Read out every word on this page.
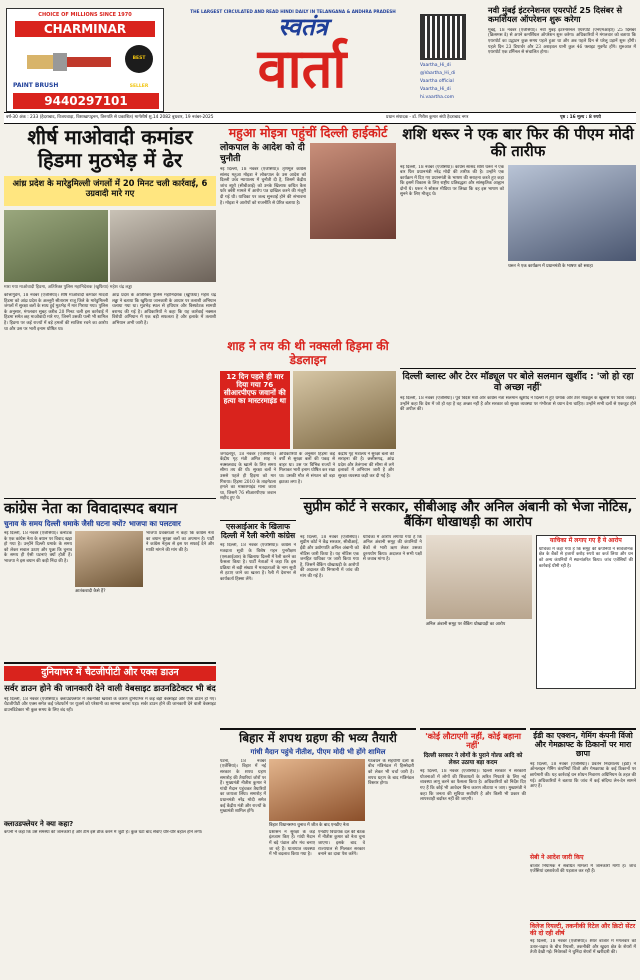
CHOICE OF MILLIONS SINCE 1970
CHARMINAR
BEST SELLER
PAINT BRUSH
9440297101
THE LARGEST CIRCULATED AND READ HINDI DAILY IN TELANGANA & ANDHRA PRADESH
स्वतंत्र
वार्ता	Vaartha_Hi_di
@Vaartha_Hi_di
Vaartha official
Vaartha_Hi_di
hi.vaartha.com
नवी मुंबई इंटरनेशनल एयरपोर्ट 25 दिसंबर से कमर्शियल ऑपरेशन शुरू करेगा
मुंबई, 18 नवंबर (एजेंसियां)। नवी मुंबई इंटरनेशनल एयरपोर्ट (एनएमआईए) 25 दिसंबर (क्रिसमस डे) से अपने कमर्शियल ऑपरेशन शुरू करेगा। अधिकारियों ने मंगलवार को बताया कि एयरपोर्ट का उद्घाटन कुछ समय पहले हुआ था और अब पहले दिन से घरेलू उड़ानें शुरू होंगी। पहले दिन 23 डिपार्चर और 23 अराइवल यानी कुल 46 फ्लाइट मूवमेंट होंगे। शुरुआत में एयरपोर्ट एक टर्मिनल से संचालित होगा।
वर्ष-30 अंक : 233 (हैदराबाद, विजयवाड़ा, विशाखापट्टनम, तिरुपति से प्रकाशित) मार्गशीर्ष शु.14 2082 बुधवार, 19 नवंबर-2025	प्रधान संपादक - डॉ. गिरीश कुमार संघी हैदराबाद नगर	पृष्ठ : 16 मूल्य : 8 रुपये
शीर्ष माओवादी कमांडर
हिडमा मुठभेड़ में ढेर
आंध्र प्रदेश के मारेडुमिल्ली जंगलों में 20 मिनट चली कार्रवाई, 6 उग्रवादी मारे गए
मारा गया माओवादी हिडमा, अतिरिक्त पुलिस महानिदेशक (खुफिया) महेश चंद्र लड्ढा
कोत्तागुडेम, 18 नवंबर (एजेंसियां)। शीर्ष माओवादी कमांडर मादवी हिडमा को आंध्र प्रदेश के अल्लूरी सीताराम राजू जिले के मारेडुमिल्ली जंगलों में सुरक्षा बलों के साथ हुई मुठभेड़ में मार गिराया गया। पुलिस के अनुसार, मंगलवार सुबह करीब 20 मिनट चली इस कार्रवाई में हिडमा समेत छह माओवादी मारे गए, जिनमें उसकी पत्नी भी शामिल है। हिडमा पर कई राज्यों में बड़े हमलों की साजिश रचने का आरोप था और उस पर भारी इनाम घोषित था।
आंध्र प्रदेश के अतिरिक्त पुलिस महानिदेशक (खुफिया) महेश चंद्र लड्ढा ने बताया कि खुफिया जानकारी के आधार पर तलाशी अभियान चलाया गया था। मुठभेड़ स्थल से हथियार और विस्फोटक सामग्री बरामद की गई है। अधिकारियों ने कहा कि यह कार्रवाई नक्सल विरोधी अभियान में एक बड़ी सफलता है और इलाके में तलाशी अभियान अभी जारी है।
महुआ मोइत्रा पहुंचीं दिल्ली हाईकोर्ट
लोकपाल के आदेश को दी चुनौती
नई दिल्ली, 18 नवंबर (एजेंसियां)। तृणमूल कांग्रेस सांसद महुआ मोइत्रा ने लोकपाल के उस आदेश को दिल्ली उच्च न्यायालय में चुनौती दी है, जिसमें केंद्रीय जांच ब्यूरो (सीबीआई) को उनके खिलाफ कथित कैश फॉर क्वेरी मामले में आरोप पत्र दाखिल करने की मंजूरी दी गई थी। याचिका पर जल्द सुनवाई होने की संभावना है। मोइत्रा ने आरोपों को राजनीति से प्रेरित बताया है।
शशि थरूर ने एक बार फिर की पीएम मोदी की तारीफ
नई दिल्ली, 18 नवंबर (एजेंसियां)। कांग्रेस सांसद शशि थरूर ने एक बार फिर प्रधानमंत्री नरेंद्र मोदी की तारीफ की है। उन्होंने एक कार्यक्रम में दिए गए प्रधानमंत्री के भाषण की सराहना करते हुए कहा कि इसमें विकास के लिए राष्ट्रीय प्रतिबद्धता और सांस्कृतिक आह्वान दोनों थे। थरूर ने सोशल मीडिया पर लिखा कि वह इस भाषण को सुनने के लिए मौजूद थे।
थरूर ने एक कार्यक्रम में प्रधानमंत्री के भाषण को सराहा
शाह ने तय की थी नक्सली हिड़मा की डेडलाइन
12 दिन पहले ही मार दिया गया 76 सीआरपीएफ जवानों की हत्या का मास्टरमाइंड था
जगदलपुर, 18 नवंबर (एजेंसियां)। केंद्रीय गृह मंत्री अमित शाह ने नक्सलवाद के खात्मे के लिए समय सीमा तय की थी। सुरक्षा बलों ने उससे पहले ही हिड़मा को मार गिराया। हिड़मा 2010 के ताड़मेटला हमले का मास्टरमाइंड माना जाता था, जिसमें 76 सीआरपीएफ जवान शहीद हुए थे।
अधिकारियों के अनुसार हिड़मा कई वर्षों से सुरक्षा बलों की पकड़ से बाहर था। उस पर विभिन्न राज्यों ने मिलाकर भारी इनाम घोषित कर रखा था। उसकी मौत से संगठन को बड़ा झटका लगा है।
केंद्रीय गृह मंत्रालय ने सुरक्षा बलों की सराहना की है। छत्तीसगढ़, आंध्र प्रदेश और तेलंगाना की सीमा से लगे इलाकों में अभियान जारी है और सुरक्षा व्यवस्था कड़ी कर दी गई है।
दिल्ली ब्लास्ट और टेरर मॉड्यूल पर बोले सलमान खुर्शीद : 'जो हो रहा वो अच्छा नहीं'
नई दिल्ली, 18 नवंबर (एजेंसियां)। पूर्व विदेश मंत्री और कांग्रेस नेता सलमान खुर्शीद ने दिल्ली में हुए धमाके और टेरर मॉड्यूल के खुलासे पर चिंता जताई। उन्होंने कहा कि देश में जो हो रहा है वह अच्छा नहीं है और सरकार को सुरक्षा व्यवस्था पर गंभीरता से ध्यान देना चाहिए। उन्होंने सभी दलों से एकजुट होने की अपील की।
कांग्रेस नेता का विवादास्पद बयान
चुनाव के समय दिल्ली धमाके जैसी घटना क्यों? भाजपा का पलटवार
नई दिल्ली, 18 नवंबर (एजेंसियां)। कर्नाटक के एक कांग्रेस नेता के बयान पर विवाद खड़ा हो गया है। उन्होंने दिल्ली धमाके के समय को लेकर सवाल उठाए और पूछा कि चुनाव के समय ही ऐसी घटनाएं क्यों होती हैं। भाजपा ने इस बयान की कड़ी निंदा की है।
आतंकवादी कैसे हैं?
भाजपा प्रवक्ताओं ने कहा कि कांग्रेस नेता का बयान सुरक्षा बलों का अपमान है। पार्टी ने कांग्रेस नेतृत्व से इस पर सफाई देने और माफी मांगने की मांग की है।
एसआईआर के खिलाफ दिल्ली में रैली करेगी कांग्रेस
नई दिल्ली, 18 नवंबर (एजेंसियां)। कांग्रेस ने मतदाता सूची के विशेष गहन पुनरीक्षण (एसआईआर) के खिलाफ दिल्ली में रैली करने का फैसला किया है। पार्टी नेताओं ने कहा कि इस प्रक्रिया से बड़ी संख्या में मतदाताओं के नाम सूची से हटाए जाने का खतरा है। रैली में देशभर से कार्यकर्ता हिस्सा लेंगे।
सुप्रीम कोर्ट ने सरकार, सीबीआइ और अनिल अंबानी को भेजा नोटिस, बैंकिंग धोखाधड़ी का आरोप
नई दिल्ली, 18 नवंबर (एजेंसियां)। सुप्रीम कोर्ट ने केंद्र सरकार, सीबीआई, ईडी और उद्योगपति अनिल अंबानी को नोटिस जारी किया है। यह नोटिस एक जनहित याचिका पर जारी किया गया है, जिसमें बैंकिंग धोखाधड़ी के आरोपों की अदालत की निगरानी में जांच की मांग की गई है।
याचिका में आरोप लगाया गया है कि अनिल अंबानी समूह की कंपनियों ने बैंकों से भारी ऋण लेकर उसका दुरुपयोग किया। अदालत ने सभी पक्षों से जवाब मांगा है।
अनिल अंबानी समूह पर बैंकिंग धोखाधड़ी का आरोप
याचिका में लगाए गए हैं ये आरोप
याचिका में कहा गया है कि समूह की कंपनियों ने सार्वजनिक क्षेत्र के बैंकों से हजारों करोड़ रुपये का कर्ज लिया और धन को अन्य कंपनियों में स्थानांतरित किया। जांच एजेंसियों की कार्रवाई धीमी रही है।
दुनियाभर में चैटजीपीटी और एक्स डाउन
सर्वर डाउन होने की जानकारी देने वाली वेबसाइट डाउनडिटेक्टर भी बंद
नई दिल्ली, 18 नवंबर (एजेंसियां)। क्लाउडफ्लेयर में तकनीकी खराबी के कारण दुनियाभर में कई बड़ी वेबसाइटें और ऐप्स डाउन हो गए। चैटजीपीटी और एक्स समेत कई प्लेटफॉर्म पर यूजर्स को परेशानी का सामना करना पड़ा। सर्वर डाउन होने की जानकारी देने वाली वेबसाइट डाउनडिटेक्टर भी कुछ समय के लिए बंद रही।
क्लाउडफ्लेयर ने क्या कहा?
कंपनी ने कहा कि उसे समस्या की जानकारी है और टीम इसे ठीक करने में जुटी है। कुछ घंटों बाद सेवाएं धीरे-धीरे बहाल होने लगीं।
बिहार में शपथ ग्रहण की भव्य तैयारी
गांधी मैदान पहुंचे नीतीश, पीएम मोदी भी होंगे शामिल
पटना, 18 नवंबर (एजेंसियां)। बिहार में नई सरकार के शपथ ग्रहण समारोह की तैयारियां जोरों पर हैं। मुख्यमंत्री नीतीश कुमार ने गांधी मैदान पहुंचकर तैयारियों का जायजा लिया। समारोह में प्रधानमंत्री नरेंद्र मोदी समेत कई केंद्रीय मंत्री और राज्यों के मुख्यमंत्री शामिल होंगे।
बिहार विधानसभा चुनाव में जीत के बाद एनडीए नेता
प्रशासन ने सुरक्षा के कड़े इंतजाम किए हैं। गांधी मैदान में बड़े पंडाल और मंच बनाए जा रहे हैं। यातायात व्यवस्था में भी बदलाव किया गया है।
एनडीए विधायक दल की बैठक में नीतीश कुमार को नेता चुना जाएगा। इसके बाद वे राज्यपाल से मिलकर सरकार बनाने का दावा पेश करेंगे।
गठबंधन के सहयोगी दलों के बीच मंत्रिमंडल में हिस्सेदारी को लेकर भी चर्चा जारी है। शपथ ग्रहण के बाद मंत्रिमंडल विस्तार होगा।
'कोई लौटाएगी नहीं, कोई बहाना नहीं'
दिल्ली सरकार ने लोगों के पुराने गोल्ड आदि को लेकर उठाया बड़ा कदम
नई दिल्ली, 18 नवंबर (एजेंसियां)। दिल्ली सरकार ने सरकारी योजनाओं में लोगों की शिकायतों के त्वरित निपटारे के लिए नई व्यवस्था लागू करने का फैसला किया है। अधिकारियों को निर्देश दिए गए हैं कि कोई भी आवेदन बिना कारण लौटाया न जाए। मुख्यमंत्री ने कहा कि जनता की सुविधा सर्वोपरि है और किसी भी प्रकार की लापरवाही बर्दाश्त नहीं की जाएगी।
ईडी का एक्शन, गेमिंग कंपनी विंजो और गेमक्राफ्ट के ठिकानों पर मारा छापा
नई दिल्ली, 18 नवंबर (एजेंसियां)। प्रवर्तन निदेशालय (ईडी) ने ऑनलाइन गेमिंग कंपनियों विंजो और गेमक्राफ्ट के कई ठिकानों पर छापेमारी की। यह कार्रवाई धन शोधन निवारण अधिनियम के तहत की गई। अधिकारियों ने बताया कि जांच में कई संदिग्ध लेन-देन सामने आए हैं।
सेबी ने आदेश जारी किए
बाजार नियामक ने संबंधित मामलों में जानकारी मांगी है। जांच एजेंसियां दस्तावेजों की पड़ताल कर रही हैं।
विलेज रियल्टी, तकनीकी रिटेल और क्रिटो सेंटर की दो रही शीर्ष
नई दिल्ली, 18 नवंबर (एजेंसियां)। शेयर बाजार में मंगलवार को उतार-चढ़ाव के बीच रियल्टी, तकनीकी और खुदरा क्षेत्र के शेयरों में तेजी देखी गई। निवेशकों ने चुनिंदा शेयरों में खरीदारी की।
